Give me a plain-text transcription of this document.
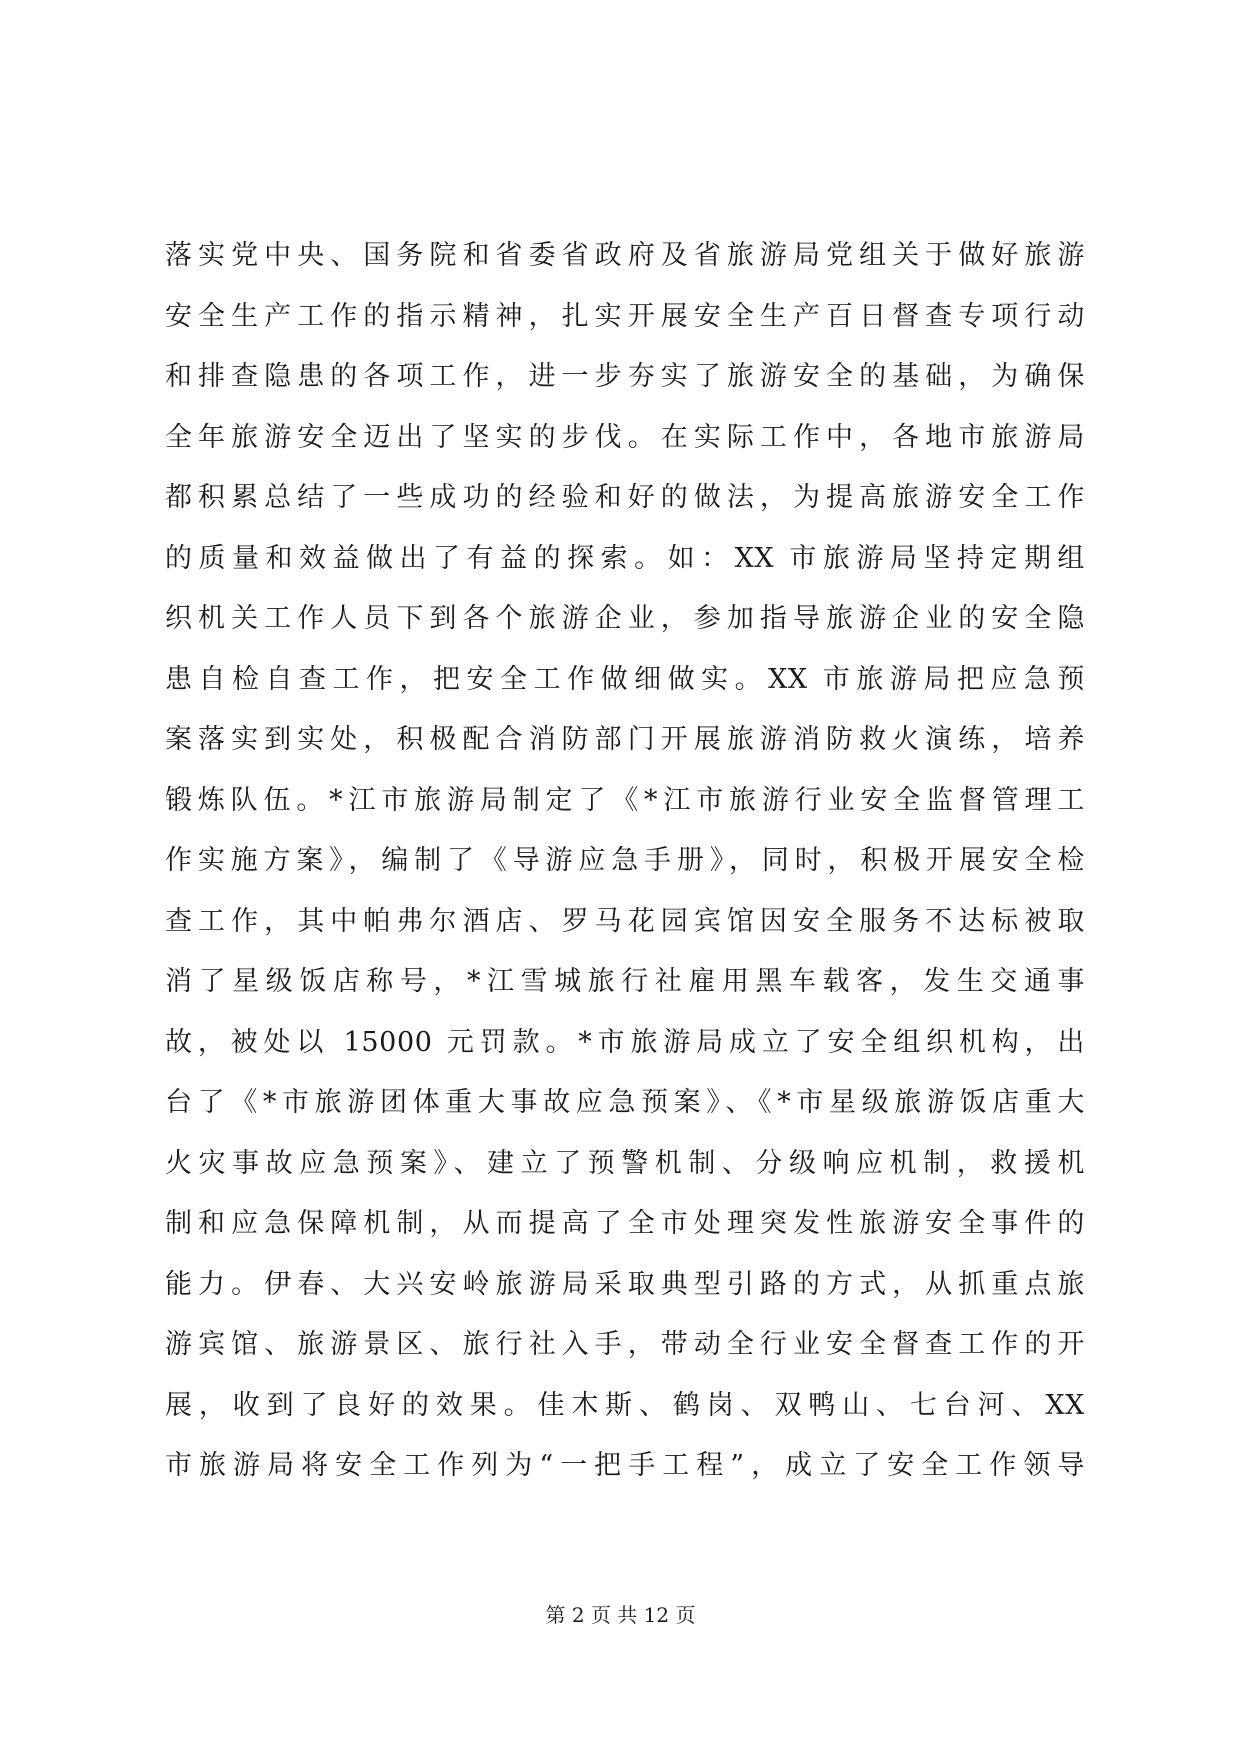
落实党中央、国务院和省委省政府及省旅游局党组关于做好旅游
安全生产工作的指示精神，扎实开展安全生产百日督查专项行动
和排查隐患的各项工作，进一步夯实了旅游安全的基础，为确保
全年旅游安全迈出了坚实的步伐。在实际工作中，各地市旅游局
都积累总结了一些成功的经验和好的做法，为提高旅游安全工作
的质量和效益做出了有益的探索。如：XX 市旅游局坚持定期组
织机关工作人员下到各个旅游企业，参加指导旅游企业的安全隐
患自检自查工作，把安全工作做细做实。XX 市旅游局把应急预
案落实到实处，积极配合消防部门开展旅游消防救火演练，培养
锻炼队伍。*江市旅游局制定了《*江市旅游行业安全监督管理工
作实施方案》，编制了《导游应急手册》，同时，积极开展安全检
查工作，其中帕弗尔酒店、罗马花园宾馆因安全服务不达标被取
消了星级饭店称号，*江雪城旅行社雇用黑车载客，发生交通事
故，被处以 15000 元罚款。*市旅游局成立了安全组织机构，出
台了《*市旅游团体重大事故应急预案》、《*市星级旅游饭店重大
火灾事故应急预案》、建立了预警机制、分级响应机制，救援机
制和应急保障机制，从而提高了全市处理突发性旅游安全事件的
能力。伊春、大兴安岭旅游局采取典型引路的方式，从抓重点旅
游宾馆、旅游景区、旅行社入手，带动全行业安全督查工作的开
展，收到了良好的效果。佳木斯、鹤岗、双鸭山、七台河、XX
市旅游局将安全工作列为“一把手工程”，成立了安全工作领导
第 2 页 共 12 页
